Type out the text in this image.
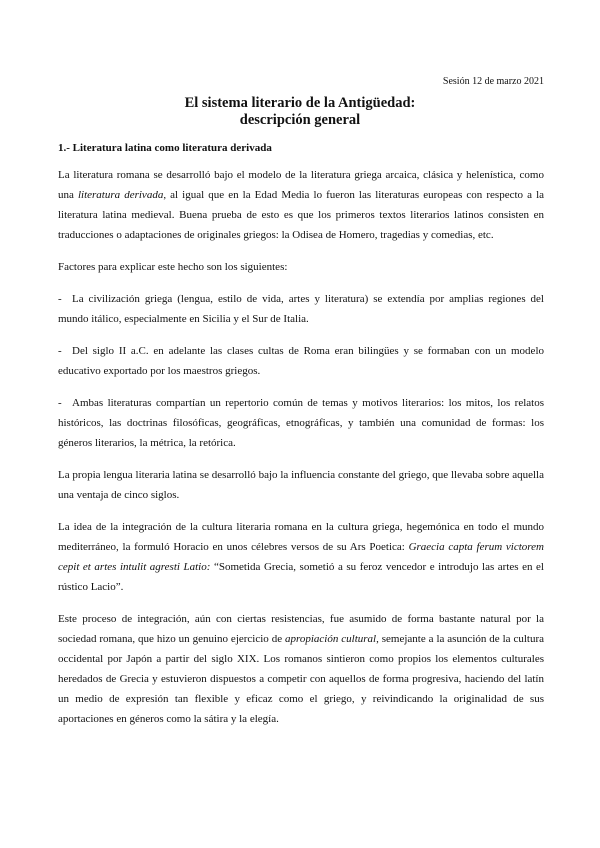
Sesión 12 de marzo 2021
El sistema literario de la Antigüedad:
descripción general
1.- Literatura latina como literatura derivada

La literatura romana se desarrolló bajo el modelo de la literatura griega arcaica, clásica y helenística, como una literatura derivada, al igual que en la Edad Media lo fueron las literaturas europeas con respecto a la literatura latina medieval. Buena prueba de esto es que los primeros textos literarios latinos consisten en traducciones o adaptaciones de originales griegos: la Odisea de Homero, tragedias y comedias, etc.

Factores para explicar este hecho son los siguientes:

- La civilización griega (lengua, estilo de vida, artes y literatura) se extendía por amplias regiones del mundo itálico, especialmente en Sicilia y el Sur de Italia.

- Del siglo II a.C. en adelante las clases cultas de Roma eran bilingües y se formaban con un modelo educativo exportado por los maestros griegos.

- Ambas literaturas compartían un repertorio común de temas y motivos literarios: los mitos, los relatos históricos, las doctrinas filosóficas, geográficas, etnográficas, y también una comunidad de formas: los géneros literarios, la métrica, la retórica.

La propia lengua literaria latina se desarrolló bajo la influencia constante del griego, que llevaba sobre aquella una ventaja de cinco siglos.

La idea de la integración de la cultura literaria romana en la cultura griega, hegemónica en todo el mundo mediterráneo, la formuló Horacio en unos célebres versos de su Ars Poetica: Graecia capta ferum victorem cepit et artes intulit agresti Latio: “Sometida Grecia, sometió a su feroz vencedor e introdujo las artes en el rústico Lacio”.

Este proceso de integración, aún con ciertas resistencias, fue asumido de forma bastante natural por la sociedad romana, que hizo un genuino ejercicio de apropiación cultural, semejante a la asunción de la cultura occidental por Japón a partir del siglo XIX. Los romanos sintieron como propios los elementos culturales heredados de Grecia y estuvieron dispuestos a competir con aquellos de forma progresiva, haciendo del latín un medio de expresión tan flexible y eficaz como el griego, y reivindicando la originalidad de sus aportaciones en géneros como la sátira y la elegía.
